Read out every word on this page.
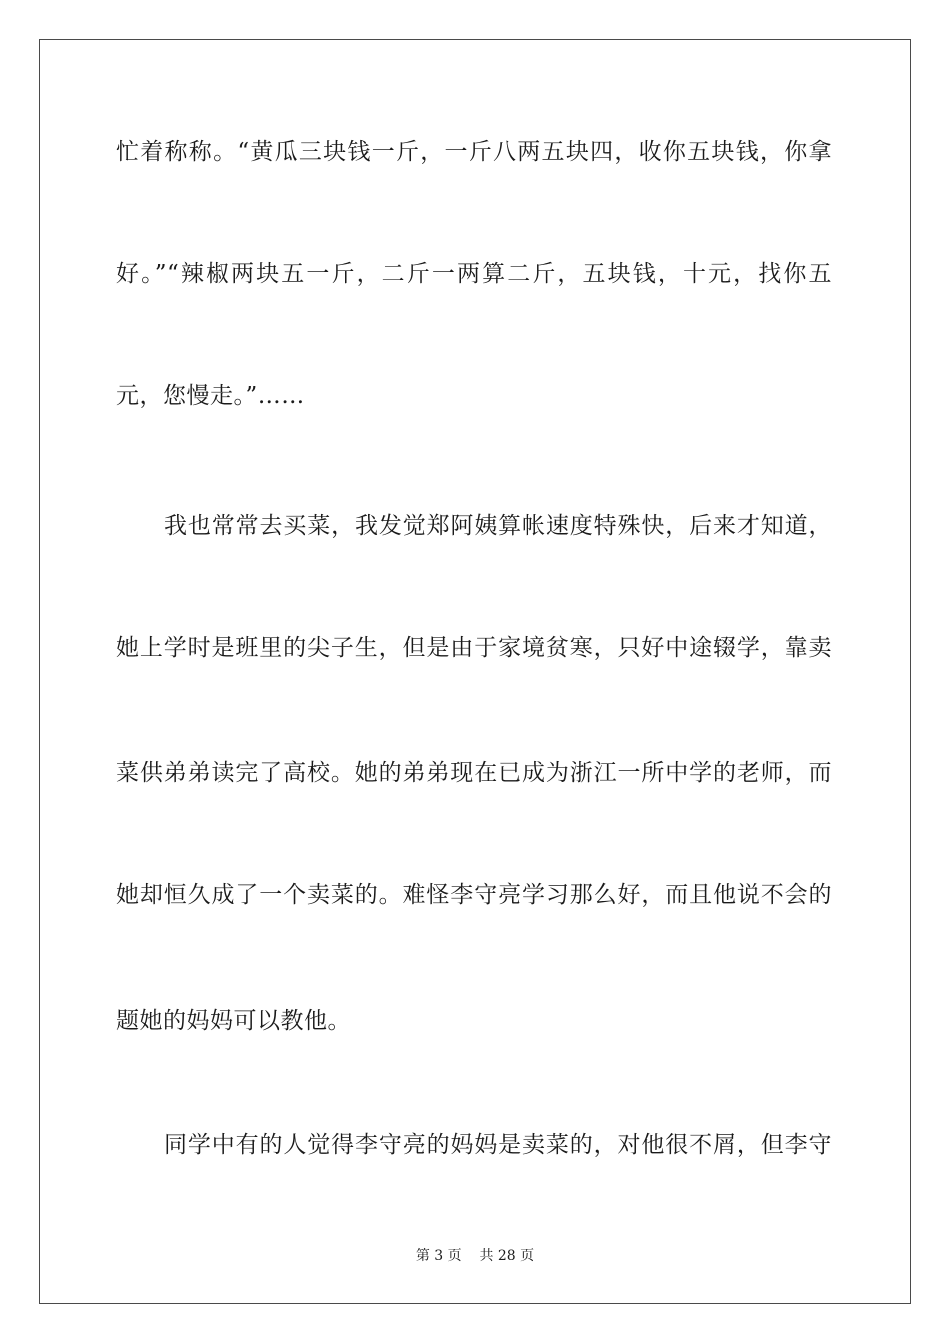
忙着称称。“黄瓜三块钱一斤，一斤八两五块四，收你五块钱，你拿
好。”“辣椒两块五一斤，二斤一两算二斤，五块钱，十元，找你五
元，您慢走。”……
我也常常去买菜，我发觉郑阿姨算帐速度特殊快，后来才知道，
她上学时是班里的尖子生，但是由于家境贫寒，只好中途辍学，靠卖
菜供弟弟读完了高校。她的弟弟现在已成为浙江一所中学的老师，而
她却恒久成了一个卖菜的。难怪李守亮学习那么好，而且他说不会的
题她的妈妈可以教他。
同学中有的人觉得李守亮的妈妈是卖菜的，对他很不屑，但李守
第 3 页 共 28 页
